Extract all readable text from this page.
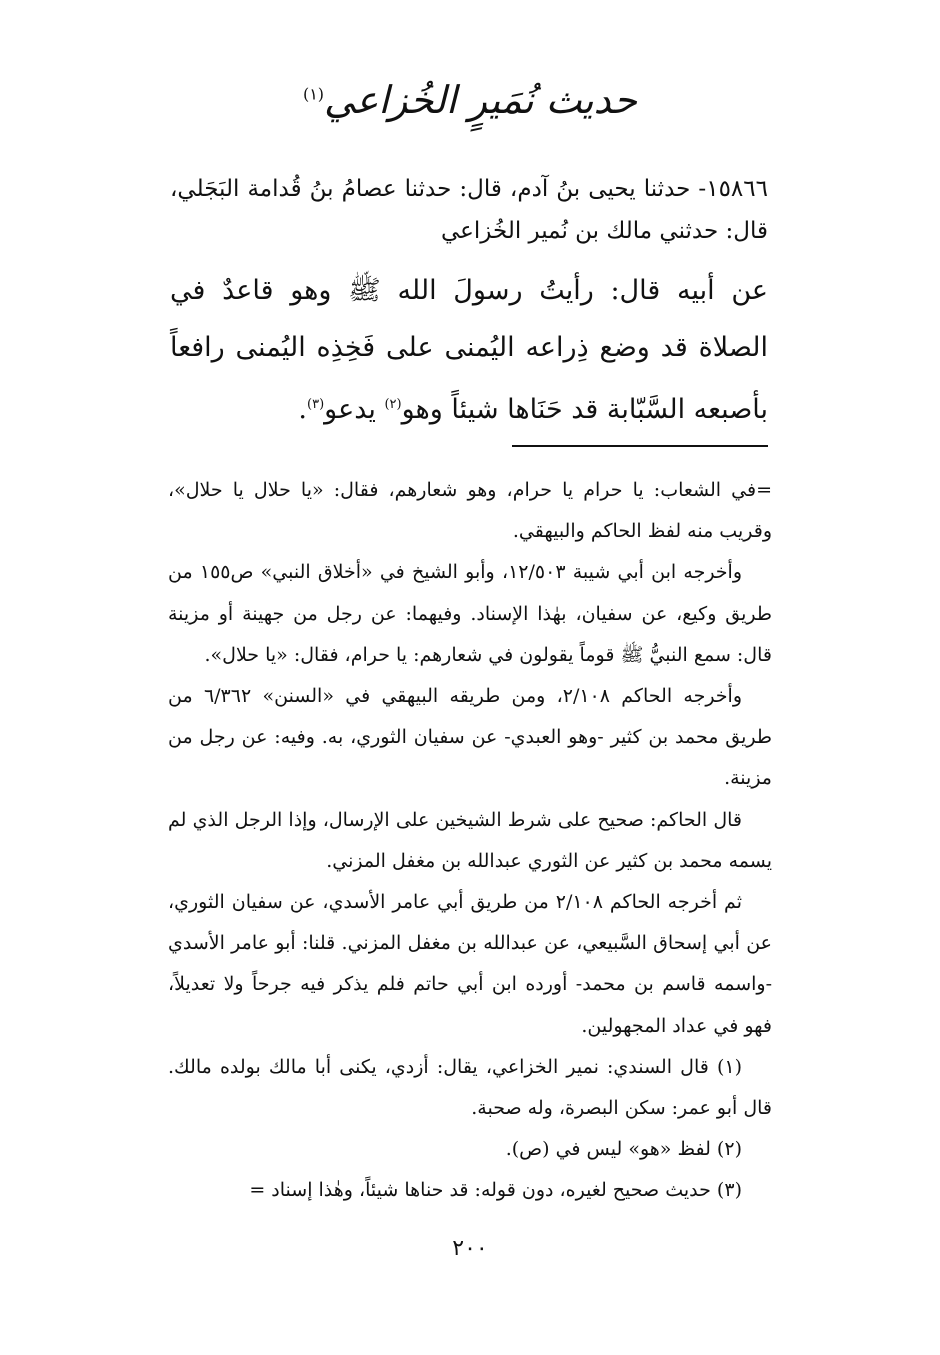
حديث نُمَيرٍ الخُزاعي$^{(١)}$
١٥٨٦٦- حدثنا يحيى بنُ آدم، قال: حدثنا عصامُ بنُ قُدامة البَجَلي، قال: حدثني مالك بن نُمير الخُزاعي
عن أبيه قال: رأيتُ رسولَ الله ﷺ وهو قاعدٌ في الصلاة قد وضع ذِراعه اليُمنى على فَخِذِه اليُمنى رافعاً بأصبعه السَّبّابة قد حَنَاها شيئاً وهو$^{(٢)}$ يدعو$^{(٣)}$.

=في الشعاب: يا حرام يا حرام، وهو شعارهم، فقال: «يا حلال يا حلال»، وقريب منه لفظ الحاكم والبيهقي.

وأخرجه ابن أبي شيبة ١٢/٥٠٣، وأبو الشيخ في «أخلاق النبي» ص١٥٥ من طريق وكيع، عن سفيان، بهٰذا الإسناد. وفيهما: عن رجل من جهينة أو مزينة قال: سمع النبيُّ ﷺ قوماً يقولون في شعارهم: يا حرام، فقال: «يا حلال».

وأخرجه الحاكم ٢/١٠٨، ومن طريقه البيهقي في «السنن» ٦/٣٦٢ من طريق محمد بن كثير -وهو العبدي- عن سفيان الثوري، به. وفيه: عن رجل من مزينة.

قال الحاكم: صحيح على شرط الشيخين على الإرسال، وإذا الرجل الذي لم يسمه محمد بن كثير عن الثوري عبدالله بن مغفل المزني.

ثم أخرجه الحاكم ٢/١٠٨ من طريق أبي عامر الأسدي، عن سفيان الثوري، عن أبي إسحاق السَّبيعي، عن عبدالله بن مغفل المزني. قلنا: أبو عامر الأسدي -واسمه قاسم بن محمد- أورده ابن أبي حاتم فلم يذكر فيه جرحاً ولا تعديلاً، فهو في عداد المجهولين.

(١) قال السندي: نمير الخزاعي، يقال: أزدي، يكنى أبا مالك بولده مالك. قال أبو عمر: سكن البصرة، وله صحبة.

(٢) لفظ «هو» ليس في (ص).

(٣) حديث صحيح لغيره، دون قوله: قد حناها شيئاً، وهٰذا إسناد =

٢٠٠
